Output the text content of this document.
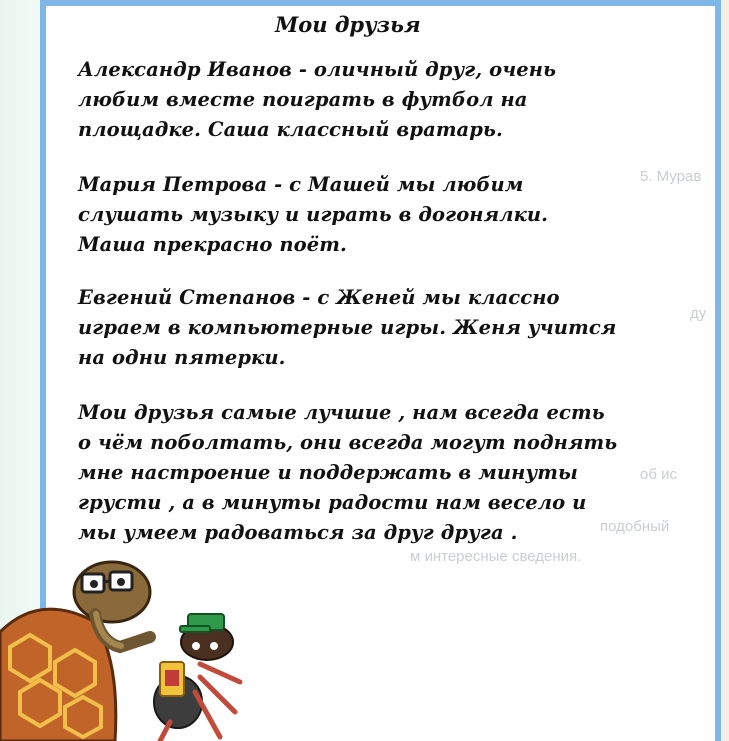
5. Мурав
ду
об ис
подобный
м интересные сведения.
Мои друзья
Александр Иванов - оличный друг, очень
любим вместе поиграть в футбол на
площадке. Саша классный вратарь.
Мария Петрова - с Машей мы любим
слушать музыку и играть в догонялки.
Маша прекрасно поёт.
Евгений Степанов - с Женей мы классно
играем в компьютерные игры. Женя учится
на одни пятерки.
Мои друзья самые лучшие , нам всегда есть
о чём поболтать, они всегда могут поднять
мне настроение и поддержать в минуты
грусти , а в минуты радости нам весело и
мы умеем радоваться за друг друга .
